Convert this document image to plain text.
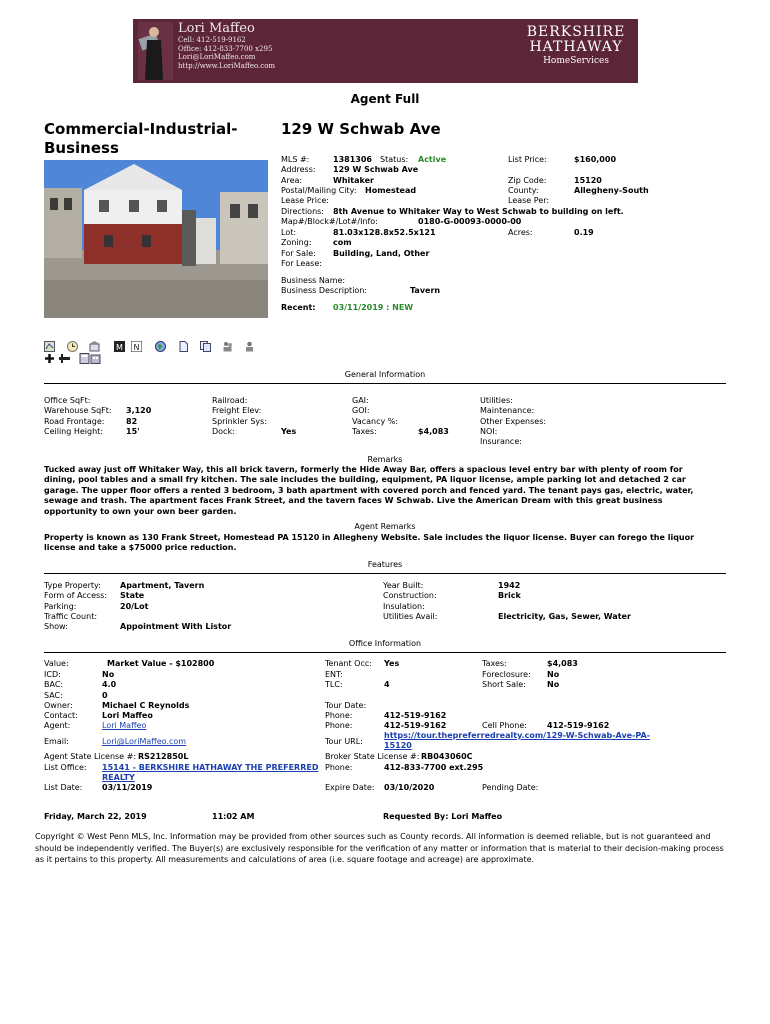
Lori Maffeo
Cell: 412-519-9162
Office: 412-833-7700 x295
Lori@LoriMaffeo.com
http://www.LoriMaffeo.com
BERKSHIRE
HATHAWAY
HomeServices
Agent Full
Commercial-Industrial-Business
129 W Schwab Ave
MLS #:	1381306 Status: Active	List Price:	$160,000
Address: 129 W Schwab Ave
Area:	Whitaker	Zip Code:	15120
Postal/Mailing City: Homestead	County:	Allegheny-South
Lease Price:	Lease Per:
Directions: 8th Avenue to Whitaker Way to West Schwab to building on left.
Map#/Block#/Lot#/Info:	0180-G-00093-0000-00
Lot:	81.03x128.8x52.5x121	Acres:	0.19
Zoning:	com
For Sale: Building, Land, Other
For Lease:
Business Name:
Business Description:	Tavern
Recent: 03/11/2019 : NEW
M N
General Information
Office SqFt:
Warehouse SqFt: 3,120
Road Frontage:	82
Ceiling Height:	15'
Railroad:
Freight Elev:
Sprinkler Sys:
Dock:	Yes
GAI:
GOI:
Vacancy %:
Taxes:	$4,083
Utilities:
Maintenance:
Other Expenses:
NOI:
Insurance:
Remarks
Tucked away just off Whitaker Way, this all brick tavern, formerly the Hide Away Bar, offers a spacious level entry bar with plenty of room for dining, pool tables and a small fry kitchen. The sale includes the building, equipment, PA liquor license, ample parking lot and detached 2 car garage. The upper floor offers a rented 3 bedroom, 3 bath apartment with covered porch and fenced yard. The tenant pays gas, electric, water, sewage and trash. The apartment faces Frank Street, and the tavern faces W Schwab. Live the American Dream with this great business opportunity to own your own beer garden.
Agent Remarks
Property is known as 130 Frank Street, Homestead PA 15120 in Allegheny Website. Sale includes the liquor license. Buyer can forego the liquor license and take a $75000 price reduction.
Features
Type Property: Apartment, Tavern
Form of Access: State
Parking:	20/Lot
Traffic Count:
Show:	Appointment With Listor
Year Built:	1942
Construction:	Brick
Insulation:
Utilities Avail:	Electricity, Gas, Sewer, Water
Office Information
Value:	Market Value - $102800
ICD:	No
BAC:	4.0
SAC:	0
Owner:	Michael C Reynolds
Contact:	Lori Maffeo
Agent:	Lori Maffeo
Email:	Lori@LoriMaffeo.com
Agent State License #: RS212850L
List Office: 15141 - BERKSHIRE HATHAWAY THE PREFERRED REALTY
List Date: 03/11/2019
Tenant Occ: Yes
ENT:
TLC:	4
Tour Date:
Phone:	412-519-9162
Phone:	412-519-9162
Tour URL:
https://tour.thepreferredrealty.com/129-W-Schwab-Ave-PA-15120
Broker State License #: RB043060C
Phone:	412-833-7700 ext.295
Expire Date: 03/10/2020
Taxes:	$4,083
Foreclosure: No
Short Sale:	No
Cell Phone:	412-519-9162
Pending Date:
Friday, March 22, 2019	11:02 AM	Requested By: Lori Maffeo
Copyright © West Penn MLS, Inc. Information may be provided from other sources such as County records. All information is deemed reliable, but is not guaranteed and should be independently verified. The Buyer(s) are exclusively responsible for the verification of any matter or information that is material to their decision-making process as it pertains to this property. All measurements and calculations of area (i.e. square footage and acreage) are approximate.
